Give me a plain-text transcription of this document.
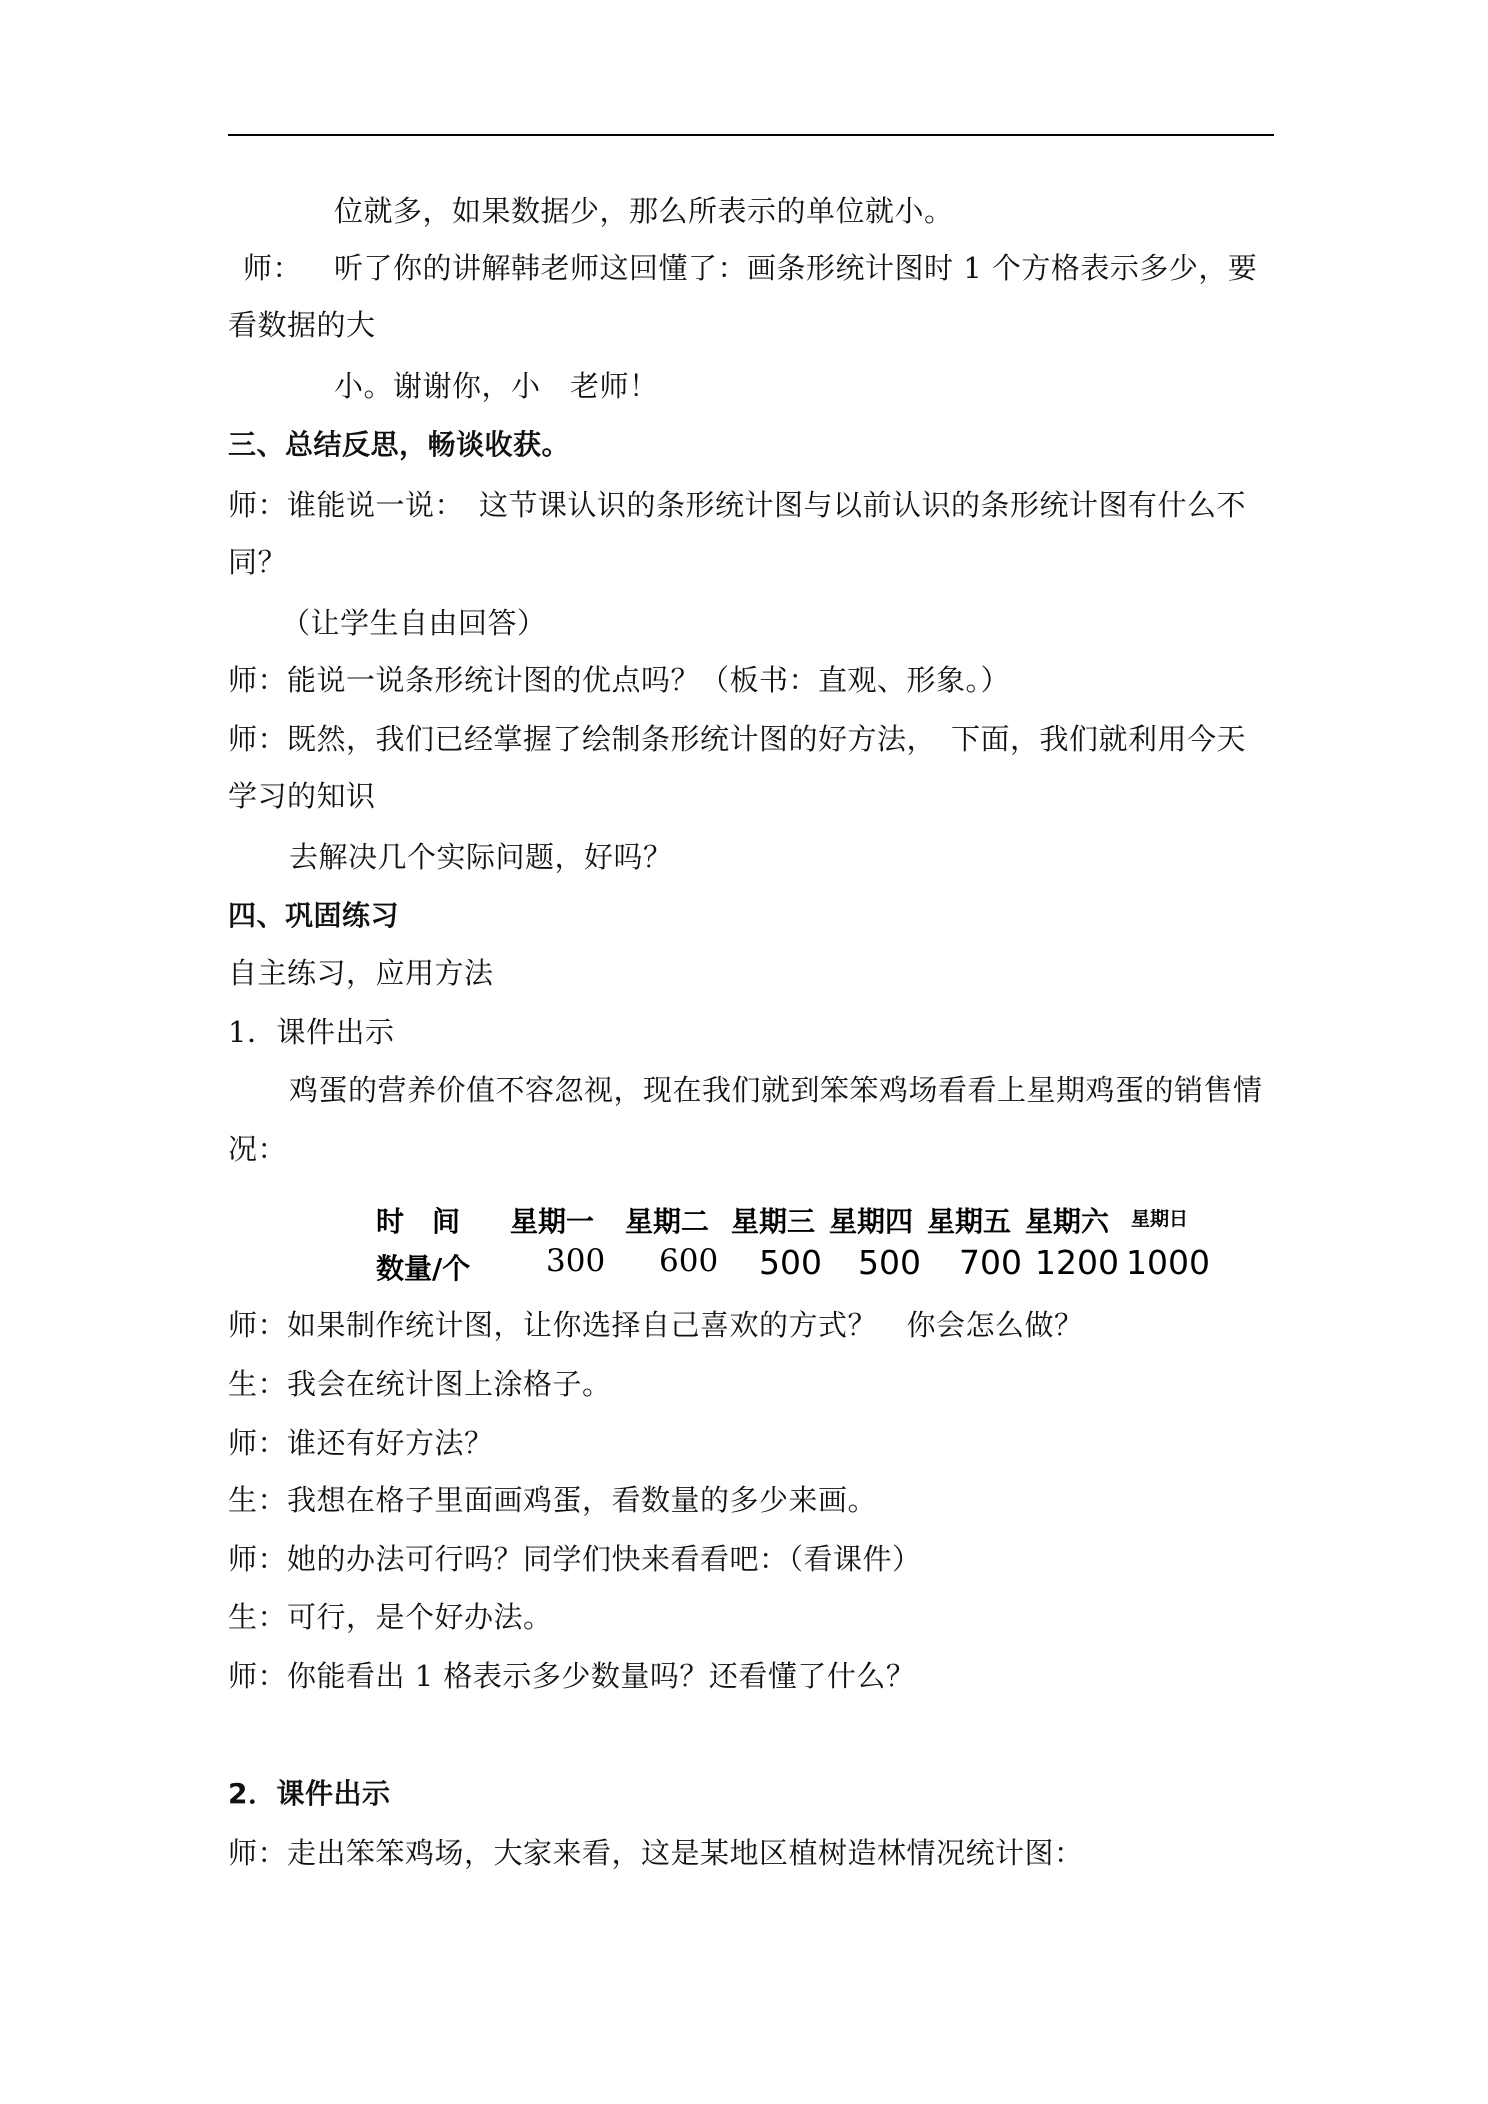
位就多，如果数据少，那么所表示的单位就小。
师： 听了你的讲解韩老师这回懂了：画条形统计图时 1 个方格表示多少，要
看数据的大
小。谢谢你，小　老师！
三、总结反思，畅谈收获。
师：谁能说一说：　这节课认识的条形统计图与以前认识的条形统计图有什么不
同？
（让学生自由回答）
师：能说一说条形统计图的优点吗？（板书：直观、形象。）
师：既然，我们已经掌握了绘制条形统计图的好方法，　下面，我们就利用今天
学习的知识
去解决几个实际问题，好吗？
四、巩固练习
自主练习，应用方法
1．课件出示
鸡蛋的营养价值不容忽视，现在我们就到笨笨鸡场看看上星期鸡蛋的销售情
况：
时　间 星期一 星期二 星期三 星期四 星期五 星期六 星期日
数量/个 300 600 500 500 700 1200 1000
师：如果制作统计图，让你选择自己喜欢的方式？　你会怎么做？
生：我会在统计图上涂格子。
师：谁还有好方法？
生：我想在格子里面画鸡蛋，看数量的多少来画。
师：她的办法可行吗？同学们快来看看吧：（看课件）
生：可行，是个好办法。
师：你能看出 1 格表示多少数量吗？还看懂了什么？
2．课件出示
师：走出笨笨鸡场，大家来看，这是某地区植树造林情况统计图：
